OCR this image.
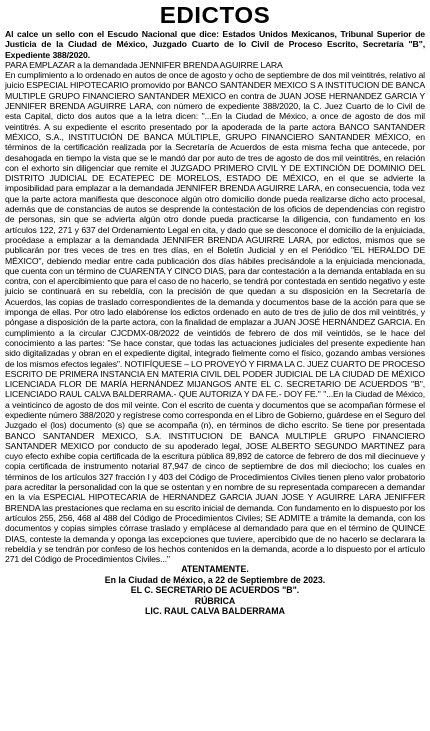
EDICTOS

Al calce un sello con el Escudo Nacional que dice: Estados Unidos Mexicanos, Tribunal Superior de Justicia de la Ciudad de México, Juzgado Cuarto de lo Civil de Proceso Escrito, Secretaría "B", Expediente 388/2020.

PARA EMPLAZAR a la demandada JENNIFER BRENDA AGUIRRE LARA

En cumplimiento a lo ordenado en autos de once de agosto y ocho de septiembre de dos mil veintitrés, relativo al juicio ESPECIAL HIPOTECARIO promovido por BANCO SANTANDER MEXICO S A INSTITUCION DE BANCA MULTIPLE GRUPO FINANCIERO SANTANDER MEXICO en contra de JUAN JOSE HERNANDEZ GARCIA Y JENNIFER BRENDA AGUIRRE LARA, con número de expediente 388/2020, la C. Juez Cuarto de lo Civil de esta Capital, dicto dos autos que a la letra dicen: "...En la Ciudad de México, a once de agosto de dos mil veintitrés. A su expediente el escrito presentado por la apoderada de la parte actora BANCO SANTANDER MÉXICO, S.A., INSTITUCIÓN DE BANCA MÚLTIPLE, GRUPO FINANCIERO SANTANDER MÉXICO, en términos de la certificación realizada por la Secretaría de Acuerdos de esta misma fecha que antecede, por desahogada en tiempo la vista que se le mandó dar por auto de tres de agosto de dos mil veintitrés, en relación con el exhorto sin diligenciar que remite el JUZGADO PRIMERO CIVIL Y DE EXTINCIÓN DE DOMINIO DEL DISTRITO JUDICIAL DE ECATEPEC DE MORELOS, ESTADO DE MÉXICO, en el que se advierte la imposibilidad para emplazar a la demandada JENNIFER BRENDA AGUIRRE LARA, en consecuencia, toda vez que la parte actora manifiesta que desconoce algún otro domicilio donde pueda realizarse dicho acto procesal, además que de constancias de autos se desprende la contestación de los oficios de dependencias con registro de personas, sin que se advierta algún otro donde pueda practicarse la diligencia, con fundamento en los artículos 122, 271 y 637 del Ordenamiento Legal en cita, y dado que se desconoce el domicilio de la enjuiciada, procédase a emplazar a la demandada JENNIFER BRENDA AGUIRRE LARA, por edictos, mismos que se publicarán por tres veces de tres en tres días, en el Boletín Judicial y en el Periódico "EL HERALDO DE MÉXICO", debiendo mediar entre cada publicación dos días hábiles precisándole a la enjuiciada mencionada, que cuenta con un término de CUARENTA Y CINCO DIAS, para dar contestación a la demanda entablada en su contra, con el apercibimiento que para el caso de no hacerlo, se tendrá por contestada en sentido negativo y este juicio se continuará en su rebeldía, con la precisión de que quedan a su disposición en la Secretaría de Acuerdos, las copias de traslado correspondientes de la demanda y documentos base de la acción para que se imponga de ellas. Por otro lado elabórense los edictos ordenado en auto de tres de julio de dos mil veintitrés, y póngase a disposición de la parte actora, con la finalidad de emplazar a JUAN JOSÉ HERNÁNDEZ GARCIA. En cumplimiento a la circular CJCDMX-08/2022 de veintidós de febrero de dos mil veintidós, se le hace del conocimiento a las partes: "Se hace constar, que todas las actuaciones judiciales del presente expediente han sido digitalizadas y obran en el expediente digital, integrado fielmente como el físico, gozando ambas versiones de los mismos efectos legales". NOTIFÍQUESE – LO PROVEYÓ Y FIRMA LA C. JUEZ CUARTO DE PROCESO ESCRITO DE PRIMERA INSTANCIA EN MATERIA CIVIL DEL PODER JUDICIAL DE LA CIUDAD DE MÉXICO LICENCIADA FLOR DE MARÍA HERNÁNDEZ MIJANGOS ANTE EL C. SECRETARIO DE ACUERDOS "B", LICENCIADO RAUL CALVA BALDERRAMA.- QUE AUTORIZA Y DA FE.- DOY FE." "...En la Ciudad de México, a veinticinco de agosto de dos mil veinte. Con el escrito de cuenta y documentos que se acompañan fórmese el expediente número 388/2020 y regístrese como corresponda en el Libro de Gobierno, guárdese en el Seguro del Juzgado el (los) documento (s) que se acompaña (n), en términos de dicho escrito. Se tiene por presentada BANCO SANTANDER MEXICO, S.A. INSTITUCION DE BANCA MULTIPLE GRUPO FINANCIERO SANTANDER MEXICO por conducto de su apoderado legal, JOSE ALBERTO SEGUNDO MARTINEZ para cuyo efecto exhibe copia certificada de la escritura pública 89,892 de catorce de febrero de dos mil diecinueve y copia certificada de instrumento notarial 87,947 de cinco de septiembre de dos mil dieciocho; los cuales en términos de los artículos 327 fracción I y 403 del Código de Procedimientos Civiles tienen pleno valor probatorio para acreditar la personalidad con la que se ostentan y en nombre de su representada comparecen a demandar en la vía ESPECIAL HIPOTECARIA de HERNANDEZ GARCIA JUAN JOSE Y AGUIRRE LARA JENIFFER BRENDA las prestaciones que reclama en su escrito inicial de demanda. Con fundamento en lo dispuesto por los artículos 255, 256, 468 al 488 del Código de Procedimientos Civiles; SE ADMITE a trámite la demanda, con los documentos y copias simples córrase traslado y emplácese al demandado para que en el término de QUINCE DIAS, conteste la demanda y oponga las excepciones que tuviere, apercibido que de no hacerlo se declarara la rebeldía y se tendrán por confeso de los hechos contenidos en la demanda, acorde a lo dispuesto por el artículo 271 del Código de Procedimientos Civiles..."

ATENTAMENTE.

En la Ciudad de México, a 22 de Septiembre de 2023.

EL C. SECRETARIO DE ACUERDOS "B".

RÚBRICA

LIC. RAUL CALVA BALDERRAMA
